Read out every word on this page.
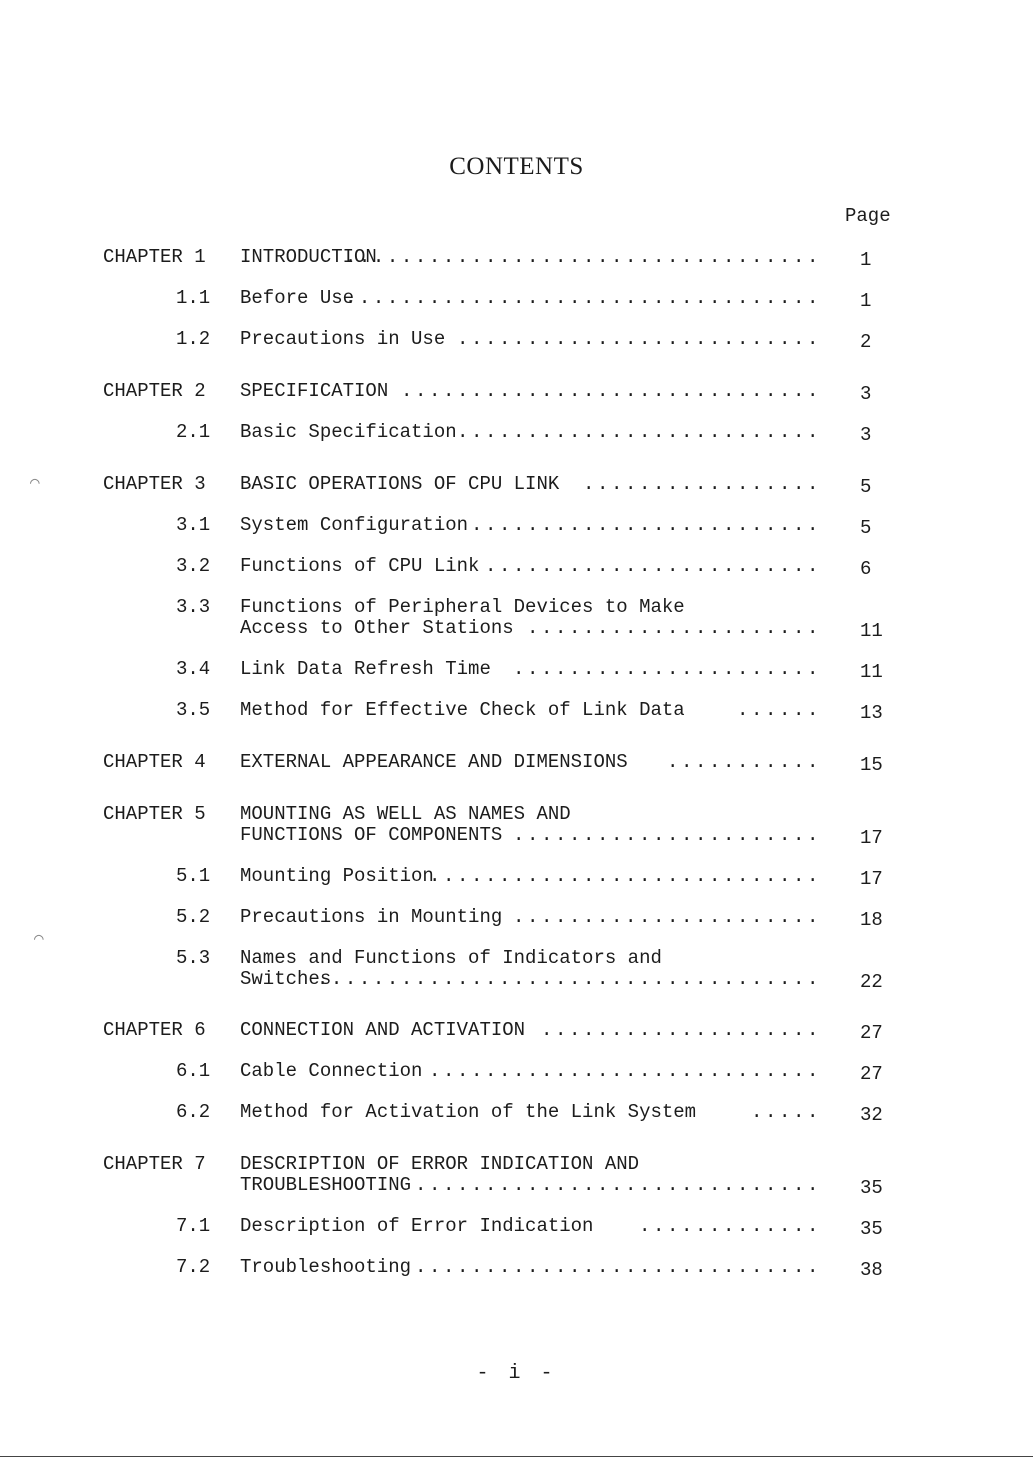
CONTENTS
Page
CHAPTER 1 INTRODUCTION
.................................. 1
1.1 Before Use
.................................. 1
1.2 Precautions in Use .......................... 2
CHAPTER 2 SPECIFICATION .............................. 3
2.1 Basic Specification .......................... 3
CHAPTER 3 BASIC OPERATIONS OF CPU LINK ................. 5
3.1 System Configuration ......................... 5
3.2 Functions of CPU Link ........................ 6
3.3 Functions of Peripheral Devices to Make
Access to Other Stations ..................... 11
3.4 Link Data Refresh Time ...................... 11
3.5 Method for Effective Check of Link Data	...... 13
CHAPTER 4 EXTERNAL APPEARANCE AND DIMENSIONS ........... 15
CHAPTER 5 MOUNTING AS WELL AS NAMES AND
FUNCTIONS OF COMPONENTS ...................... 17
5.1 Mounting Position
............................ 17
5.2 Precautions in Mounting ...................... 18
5.3 Names and Functions of Indicators and
Switches
.................................... 22
CHAPTER 6 CONNECTION AND ACTIVATION .................... 27
6.1 Cable Connection ............................ 27
6.2 Method for Activation of the Link System	..... 32
CHAPTER 7 DESCRIPTION OF ERROR INDICATION AND
TROUBLESHOOTING ............................. 35
7.1 Description of Error Indication ............. 35
7.2 Troubleshooting ............................. 38
- i -
⌒
⌒
